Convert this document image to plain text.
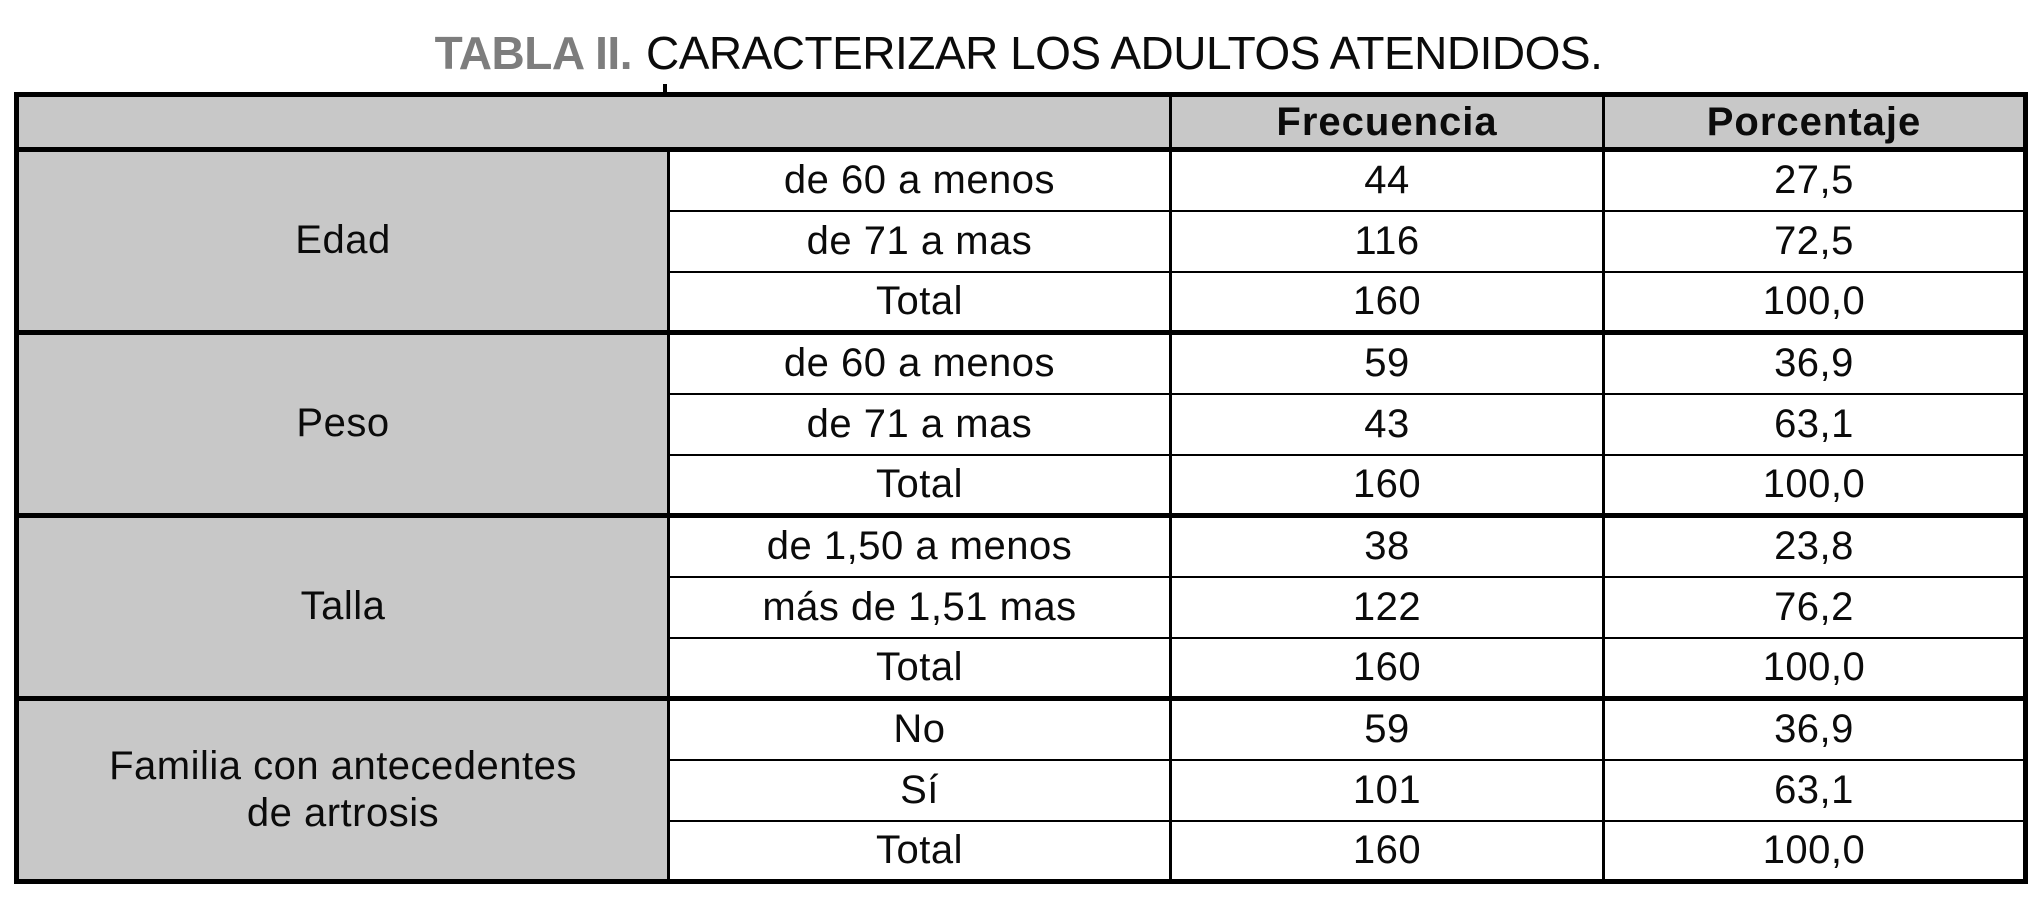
TABLA II. CARACTERIZAR LOS ADULTOS ATENDIDOS.
		Frecuencia	Porcentaje
Edad	de 60 a menos	44	27,5
	de 71 a mas	116	72,5
	Total	160	100,0
Peso	de 60 a menos	59	36,9
	de 71 a mas	43	63,1
	Total	160	100,0
Talla	de 1,50 a menos	38	23,8
	más de 1,51 mas	122	76,2
	Total	160	100,0
Familia con antecedentes de artrosis	No	59	36,9
	Sí	101	63,1
	Total	160	100,0
